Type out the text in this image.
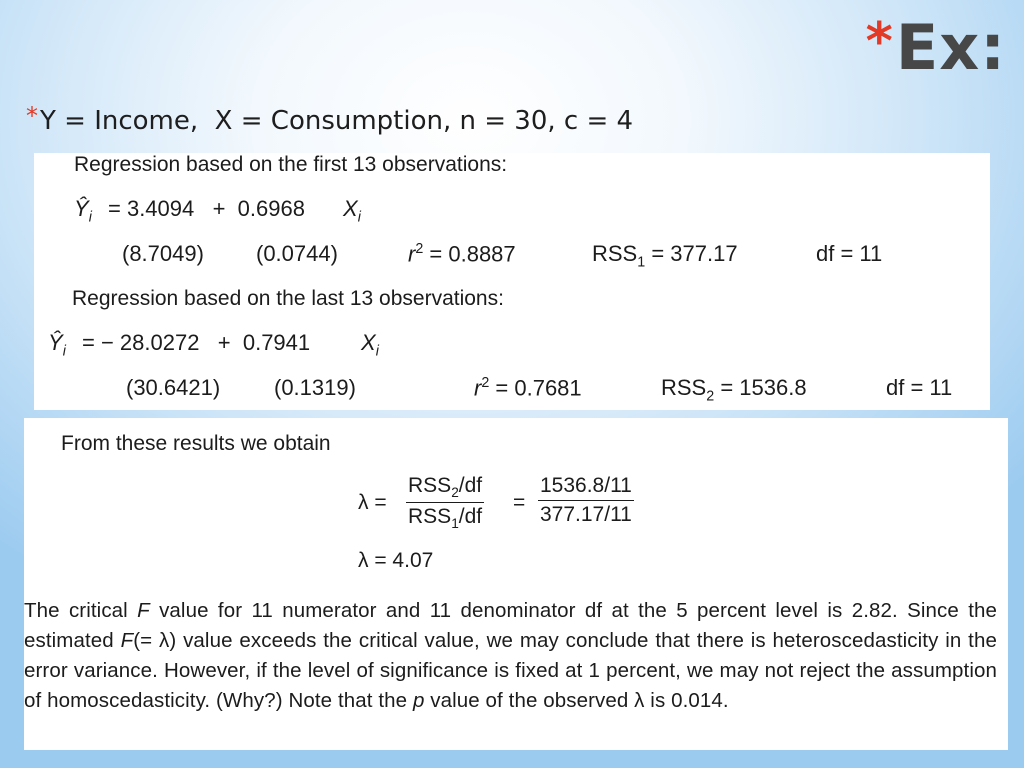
*Ex:
*Y = Income,  X = Consumption, n = 30, c = 4
Regression based on the first 13 observations:
$Ŷ_i = 3.4094 + 0.6968$ $X_i$
(8.7049) (0.0744)	$r^2 = 0.8887$	$RSS_1 = 377.17$	df = 11
Regression based on the last 13 observations:
$Ŷ_i$ = − 28.0272   +  0.7941 $X_i$
(30.6421) (0.1319)	$r^2 = 0.7681$	$RSS_2 = 1536.8$	df = 11
From these results we obtain
λ =
$RSS_2/df$
$RSS_1/df$
= $\frac{1536.8/11}{377.17/11}$
λ = 4.07

The critical F value for 11 numerator and 11 denominator df at the 5 percent level is 2.82. Since the estimated F(= λ) value exceeds the critical value, we may conclude that there is heteroscedasticity in the error variance. However, if the level of significance is fixed at 1 percent, we may not reject the assumption of homoscedasticity. (Why?) Note that the p value of the observed λ is 0.014.
